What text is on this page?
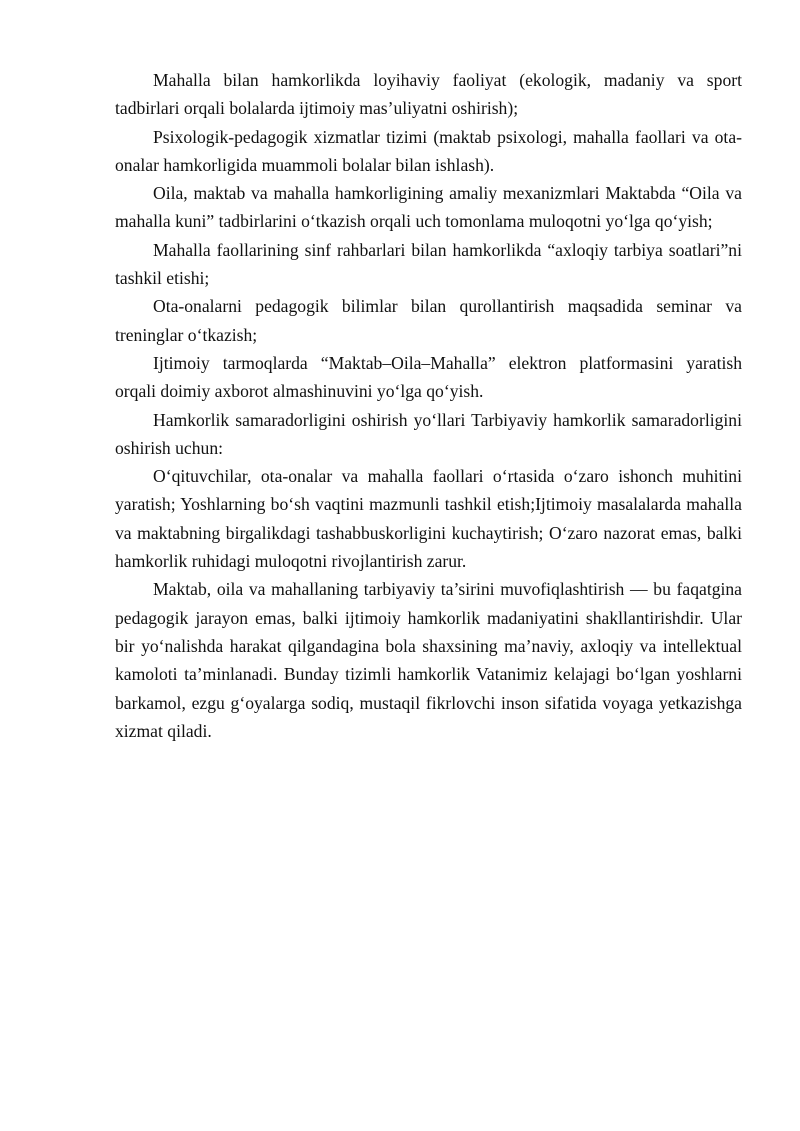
Mahalla bilan hamkorlikda loyihaviy faoliyat (ekologik, madaniy va sport tadbirlari orqali bolalarda ijtimoiy mas’uliyatni oshirish);

Psixologik-pedagogik xizmatlar tizimi (maktab psixologi, mahalla faollari va ota-onalar hamkorligida muammoli bolalar bilan ishlash).

Oila, maktab va mahalla hamkorligining amaliy mexanizmlari Maktabda “Oila va mahalla kuni” tadbirlarini o‘tkazish orqali uch tomonlama muloqotni yo‘lga qo‘yish;

Mahalla faollarining sinf rahbarlari bilan hamkorlikda “axloqiy tarbiya soatlari”ni tashkil etishi;

Ota-onalarni pedagogik bilimlar bilan qurollantirish maqsadida seminar va treninglar o‘tkazish;

Ijtimoiy tarmoqlarda “Maktab–Oila–Mahalla” elektron platformasini yaratish orqali doimiy axborot almashinuvini yo‘lga qo‘yish.

Hamkorlik samaradorligini oshirish yo‘llari Tarbiyaviy hamkorlik samaradorligini oshirish uchun:

O‘qituvchilar, ota-onalar va mahalla faollari o‘rtasida o‘zaro ishonch muhitini yaratish; Yoshlarning bo‘sh vaqtini mazmunli tashkil etish;Ijtimoiy masalalarda mahalla va maktabning birgalikdagi tashabbuskorligini kuchaytirish; O‘zaro nazorat emas, balki hamkorlik ruhidagi muloqotni rivojlantirish zarur.

Maktab, oila va mahallaning tarbiyaviy ta’sirini muvofiqlashtirish — bu faqatgina pedagogik jarayon emas, balki ijtimoiy hamkorlik madaniyatini shakllantirishdir. Ular bir yo‘nalishda harakat qilgandagina bola shaxsining ma’naviy, axloqiy va intellektual kamoloti ta’minlanadi. Bunday tizimli hamkorlik Vatanimiz kelajagi bo‘lgan yoshlarni barkamol, ezgu g‘oyalarga sodiq, mustaqil fikrlovchi inson sifatida voyaga yetkazishga xizmat qiladi.
